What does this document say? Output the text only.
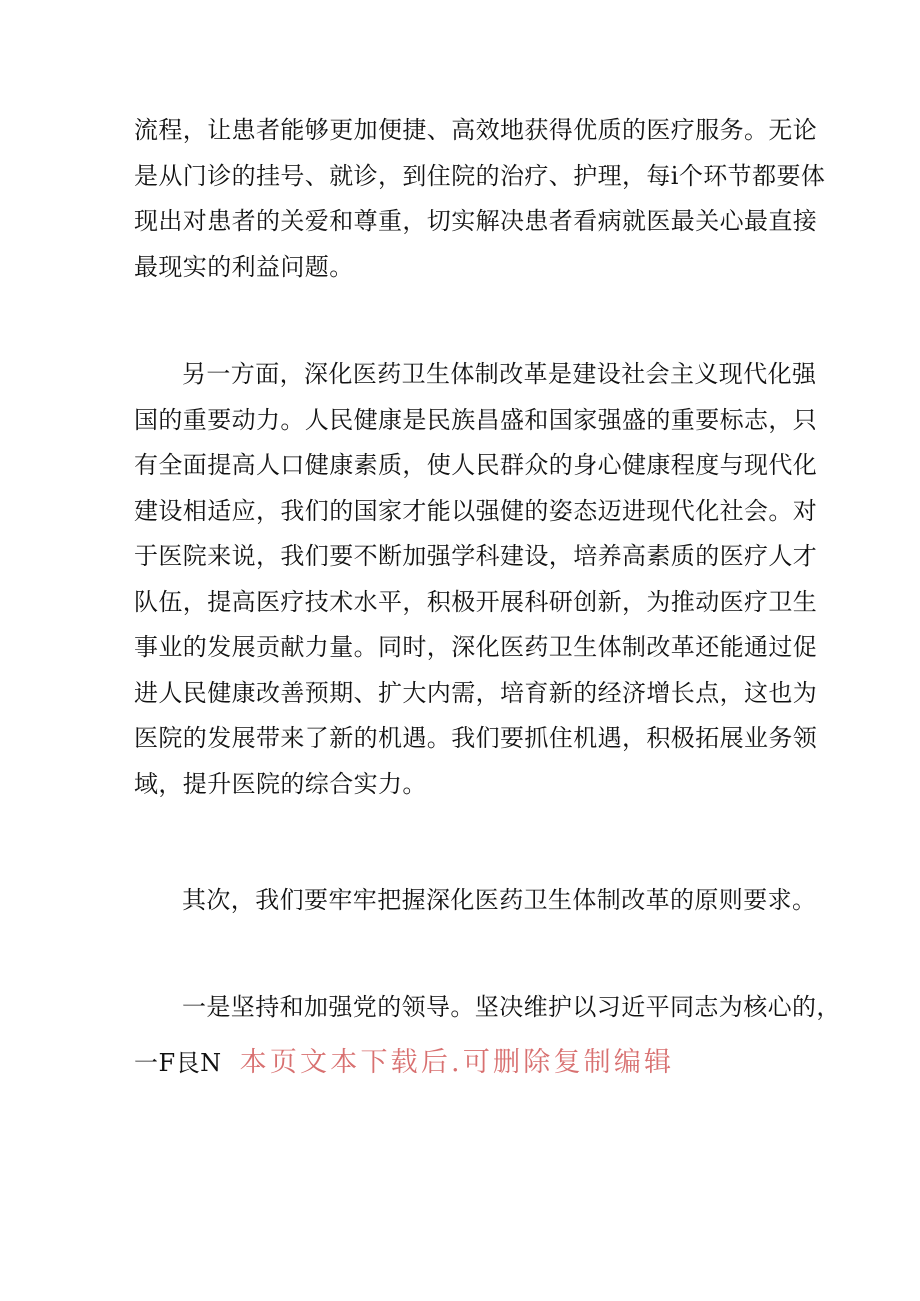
流程，让患者能够更加便捷、高效地获得优质的医疗服务。无论
是从门诊的挂号、就诊，到住院的治疗、护理，每i个环节都要体
现出对患者的关爱和尊重，切实解决患者看病就医最关心最直接
最现实的利益问题。
另一方面，深化医药卫生体制改革是建设社会主义现代化强
国的重要动力。人民健康是民族昌盛和国家强盛的重要标志，只
有全面提高人口健康素质，使人民群众的身心健康程度与现代化
建设相适应，我们的国家才能以强健的姿态迈进现代化社会。对
于医院来说，我们要不断加强学科建设，培养高素质的医疗人才
队伍，提高医疗技术水平，积极开展科研创新，为推动医疗卫生
事业的发展贡献力量。同时，深化医药卫生体制改革还能通过促
进人民健康改善预期、扩大内需，培育新的经济增长点，这也为
医院的发展带来了新的机遇。我们要抓住机遇，积极拓展业务领
域，提升医院的综合实力。
其次，我们要牢牢把握深化医药卫生体制改革的原则要求。
一是坚持和加强党的领导。坚决维护以习近平同志为核心的，
一F艮N 本页文本下载后.可删除复制编辑
